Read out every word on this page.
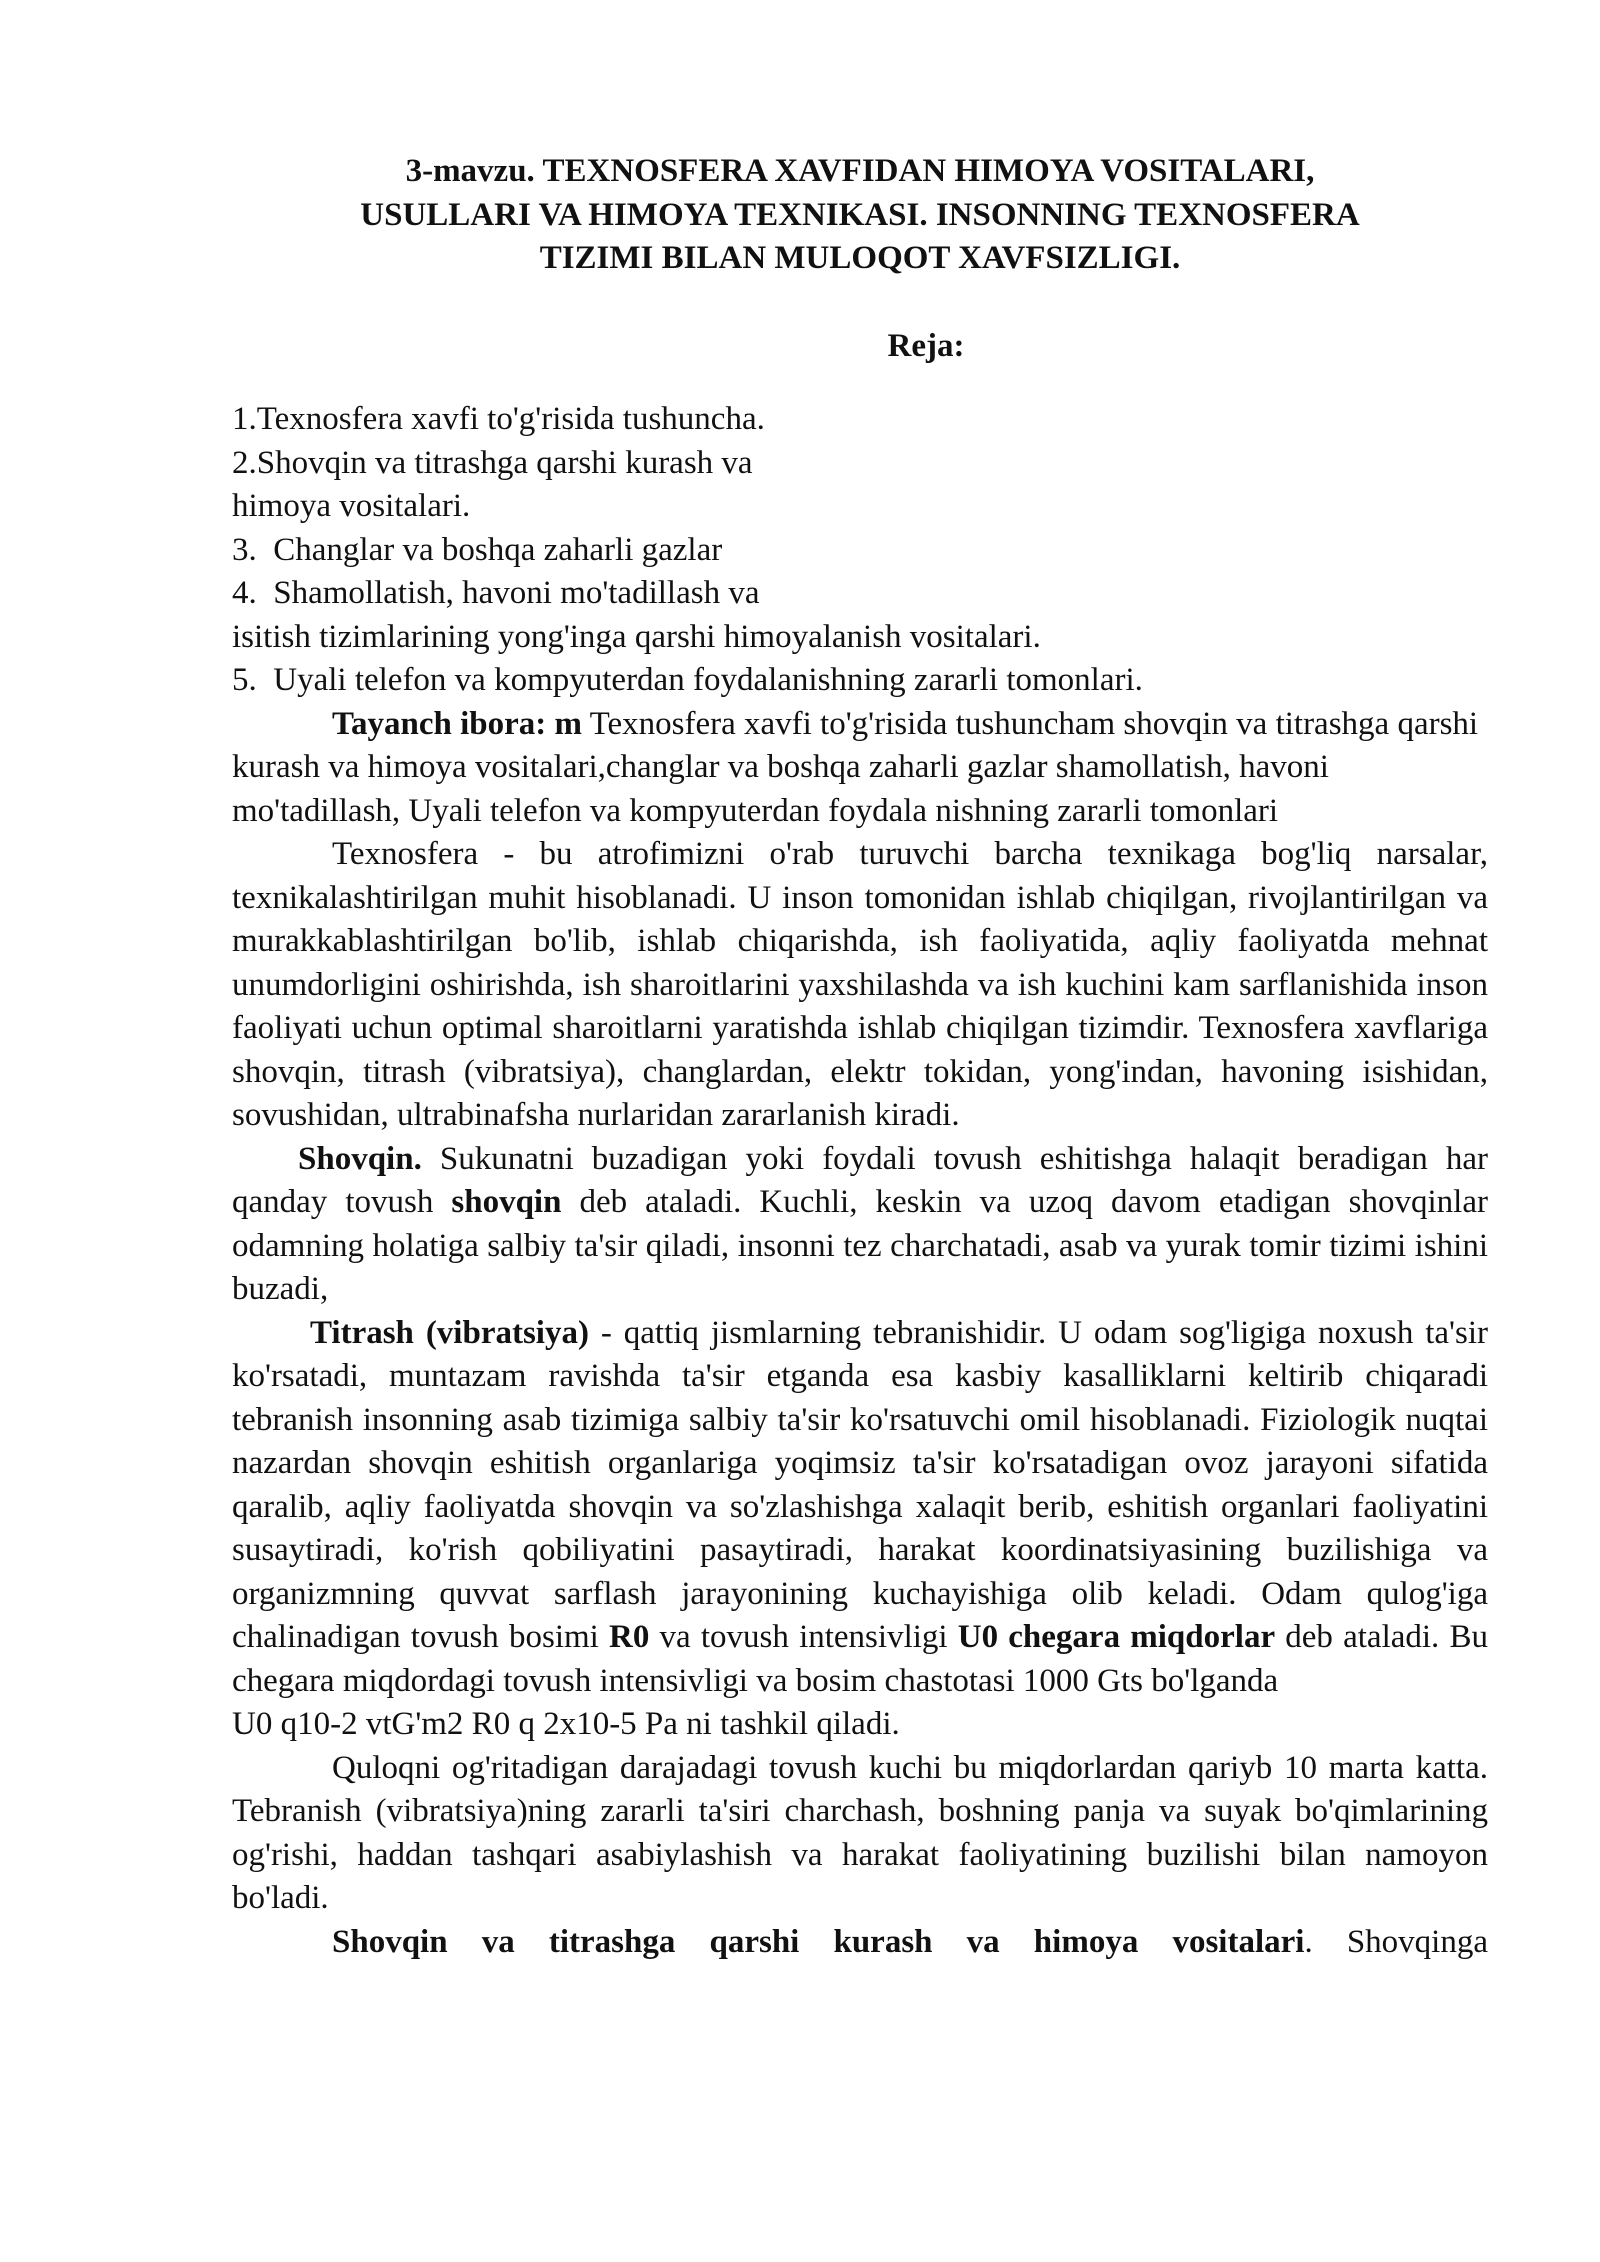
3-mavzu. TEXNOSFERA XAVFIDAN HIMOYA VOSITALARI,
USULLARI VA HIMOYA TEXNIKASI. INSONNING TEXNOSFERA
TIZIMI BILAN MULOQOT XAVFSIZLIGI.
Reja:
1.Texnosfera xavfi to'g'risida tushuncha.
2.Shovqin va titrashga qarshi kurash va
himoya vositalari.
3.  Changlar va boshqa zaharli gazlar
4.  Shamollatish, havoni mo'tadillash va
isitish tizimlarining yong'inga qarshi himoyalanish vositalari.
5.  Uyali telefon va kompyuterdan foydalanishning zararli tomonlari.

Tayanch ibora: m Texnosfera xavfi to'g'risida tushuncham shovqin va titrashga qarshi kurash va himoya vositalari,changlar va boshqa zaharli gazlar shamollatish, havoni mo'tadillash, Uyali telefon va kompyuterdan foydala nishning zararli tomonlari

Texnosfera - bu atrofimizni o'rab turuvchi barcha texnikaga bog'liq narsalar, texnikalashtirilgan muhit hisoblanadi. U inson tomonidan ishlab chiqilgan, rivojlantirilgan va murakkablashtirilgan bo'lib, ishlab chiqarishda, ish faoliyatida, aqliy faoliyatda mehnat unumdorligini oshirishda, ish sharoitlarini yaxshilashda va ish kuchini kam sarflanishida inson faoliyati uchun optimal sharoitlarni yaratishda ishlab chiqilgan tizimdir. Texnosfera xavflariga shovqin, titrash (vibratsiya), changlardan, elektr tokidan, yong'indan, havoning isishidan, sovushidan, ultrabinafsha nurlaridan zararlanish kiradi.

Shovqin. Sukunatni buzadigan yoki foydali tovush eshitishga halaqit beradigan har qanday tovush shovqin deb ataladi. Kuchli, keskin va uzoq davom etadigan shovqinlar odamning holatiga salbiy ta'sir qiladi, insonni tez charchatadi, asab va yurak tomir tizimi ishini buzadi,

Titrash (vibratsiya) - qattiq jismlarning tebranishidir. U odam sog'ligiga noxush ta'sir ko'rsatadi, muntazam ravishda ta'sir etganda esa kasbiy kasalliklarni keltirib chiqaradi tebranish insonning asab tizimiga salbiy ta'sir ko'rsatuvchi omil hisoblanadi. Fiziologik nuqtai nazardan shovqin eshitish organlariga yoqimsiz ta'sir ko'rsatadigan ovoz jarayoni sifatida qaralib, aqliy faoliyatda shovqin va so'zlashishga xalaqit berib, eshitish organlari faoliyatini susaytiradi, ko'rish qobiliyatini pasaytiradi, harakat koordinatsiyasining buzilishiga va organizmning quvvat sarflash jarayonining kuchayishiga olib keladi. Odam qulog'iga chalinadigan tovush bosimi R0 va tovush intensivligi U0 chegara miqdorlar deb ataladi. Bu chegara miqdordagi tovush intensivligi va bosim chastotasi 1000 Gts bo'lganda

U0 q10-2 vtG'm2 R0 q 2x10-5 Pa ni tashkil qiladi.

Quloqni og'ritadigan darajadagi tovush kuchi bu miqdorlardan qariyb 10 marta katta. Tebranish (vibratsiya)ning zararli ta'siri charchash, boshning panja va suyak bo'qimlarining og'rishi, haddan tashqari asabiylashish va harakat faoliyatining buzilishi bilan namoyon bo'ladi.

Shovqin va titrashga qarshi kurash va himoya vositalari. Shovqinga
